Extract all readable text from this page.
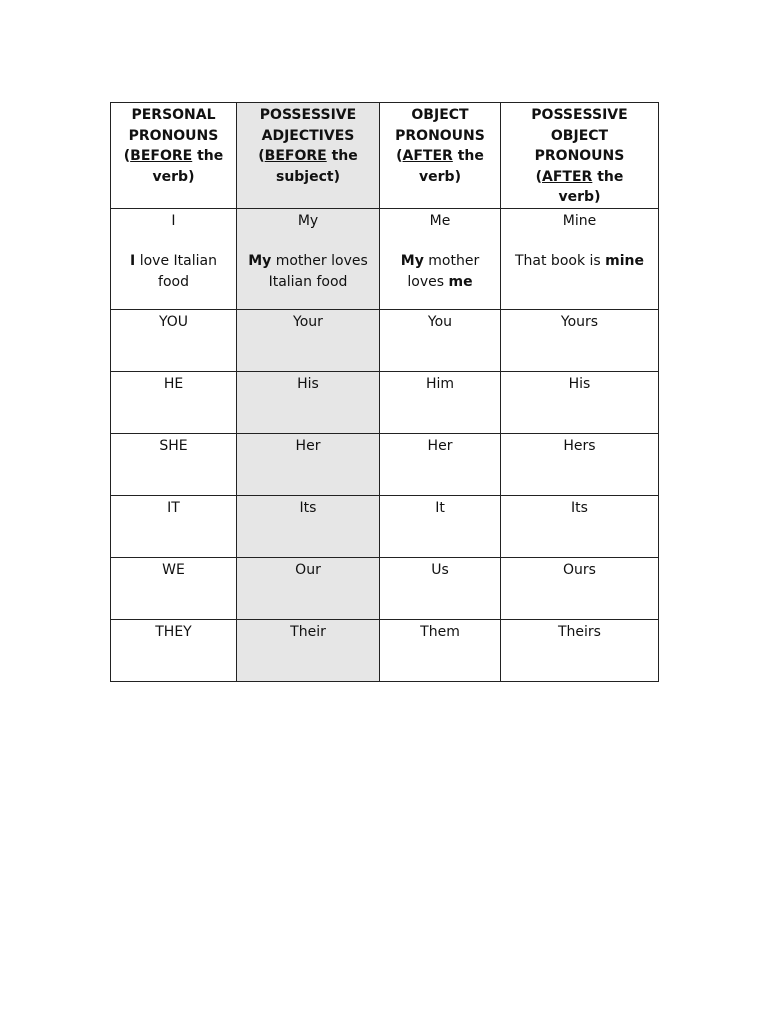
PERSONAL
PRONOUNS
(BEFORE the
verb)	POSSESSIVE
ADJECTIVES
(BEFORE the
subject)	OBJECT
PRONOUNS
(AFTER the
verb)	POSSESSIVE
OBJECT
PRONOUNS
(AFTER the
verb)

I
I love Italian food	My
My mother loves Italian food	Me
My mother loves me	Mine
That book is mine
YOU	Your	You	Yours
HE	His	Him	His
SHE	Her	Her	Hers
IT	Its	It	Its
WE	Our	Us	Ours
THEY	Their	Them	Theirs
